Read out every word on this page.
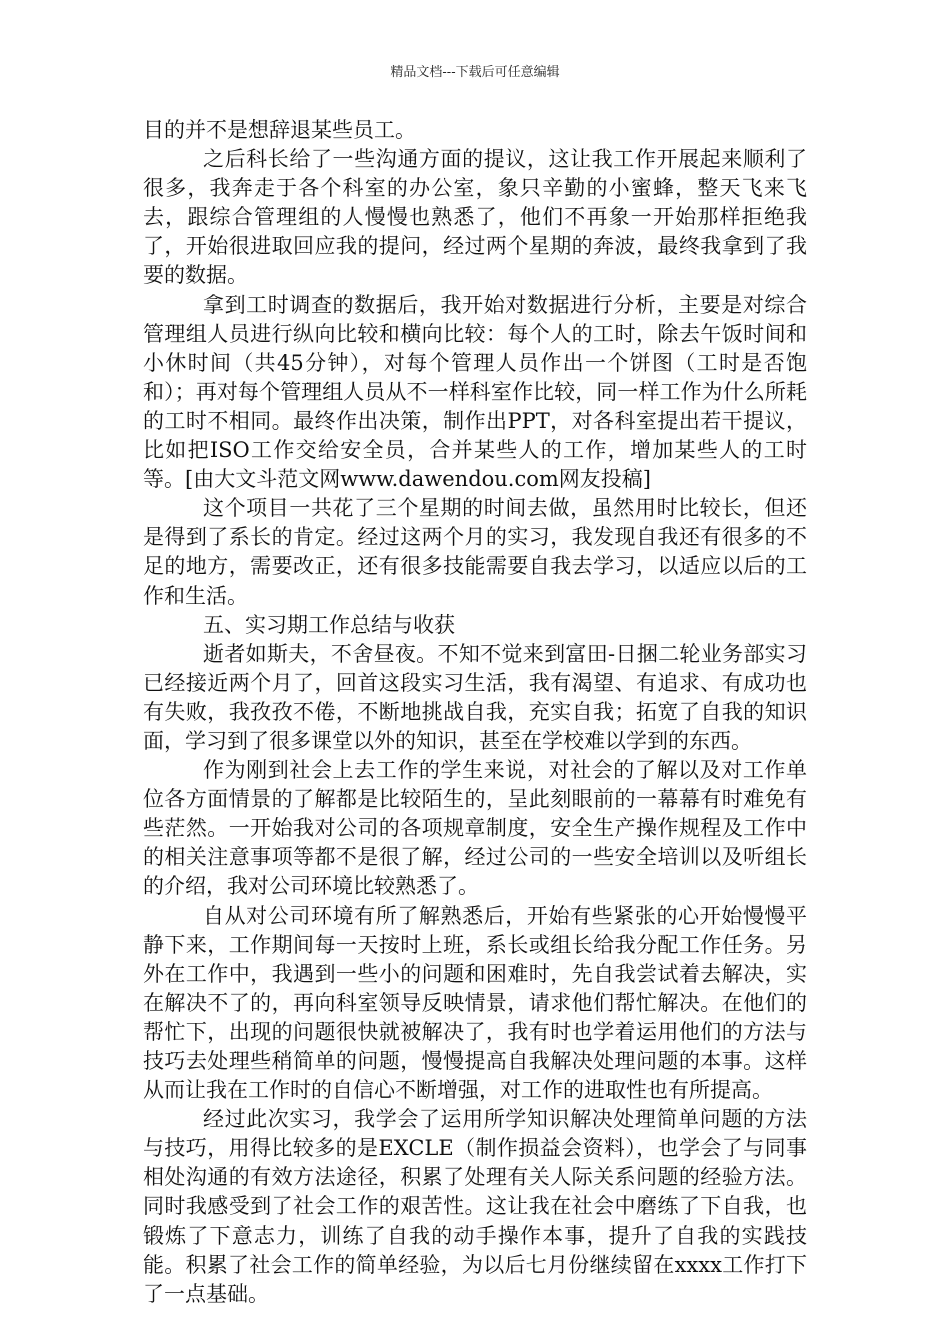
精品文档---下载后可任意编辑

目的并不是想辞退某些员工。

之后科长给了一些沟通方面的提议，这让我工作开展起来顺利了很多，我奔走于各个科室的办公室，象只辛勤的小蜜蜂，整天飞来飞去，跟综合管理组的人慢慢也熟悉了，他们不再象一开始那样拒绝我了，开始很进取回应我的提问，经过两个星期的奔波，最终我拿到了我要的数据。

拿到工时调查的数据后，我开始对数据进行分析，主要是对综合管理组人员进行纵向比较和横向比较：每个人的工时，除去午饭时间和小休时间（共45分钟），对每个管理人员作出一个饼图（工时是否饱和）；再对每个管理组人员从不一样科室作比较，同一样工作为什么所耗的工时不相同。最终作出决策，制作出PPT，对各科室提出若干提议，比如把ISO工作交给安全员，合并某些人的工作，增加某些人的工时等。[由大文斗范文网www.dawendou.com网友投稿]

这个项目一共花了三个星期的时间去做，虽然用时比较长，但还是得到了系长的肯定。经过这两个月的实习，我发现自我还有很多的不足的地方，需要改正，还有很多技能需要自我去学习，以适应以后的工作和生活。

五、实习期工作总结与收获

逝者如斯夫，不舍昼夜。不知不觉来到富田-日捆二轮业务部实习已经接近两个月了，回首这段实习生活，我有渴望、有追求、有成功也有失败，我孜孜不倦，不断地挑战自我，充实自我；拓宽了自我的知识面，学习到了很多课堂以外的知识，甚至在学校难以学到的东西。

作为刚到社会上去工作的学生来说，对社会的了解以及对工作单位各方面情景的了解都是比较陌生的，呈此刻眼前的一幕幕有时难免有些茫然。一开始我对公司的各项规章制度，安全生产操作规程及工作中的相关注意事项等都不是很了解，经过公司的一些安全培训以及听组长的介绍，我对公司环境比较熟悉了。

自从对公司环境有所了解熟悉后，开始有些紧张的心开始慢慢平静下来，工作期间每一天按时上班，系长或组长给我分配工作任务。另外在工作中，我遇到一些小的问题和困难时，先自我尝试着去解决，实在解决不了的，再向科室领导反映情景，请求他们帮忙解决。在他们的帮忙下，出现的问题很快就被解决了，我有时也学着运用他们的方法与技巧去处理些稍简单的问题，慢慢提高自我解决处理问题的本事。这样从而让我在工作时的自信心不断增强，对工作的进取性也有所提高。

经过此次实习，我学会了运用所学知识解决处理简单问题的方法与技巧，用得比较多的是EXCLE（制作损益会资料），也学会了与同事相处沟通的有效方法途径，积累了处理有关人际关系问题的经验方法。同时我感受到了社会工作的艰苦性。这让我在社会中磨练了下自我，也锻炼了下意志力，训练了自我的动手操作本事，提升了自我的实践技能。积累了社会工作的简单经验，为以后七月份继续留在xxxx工作打下了一点基础。
